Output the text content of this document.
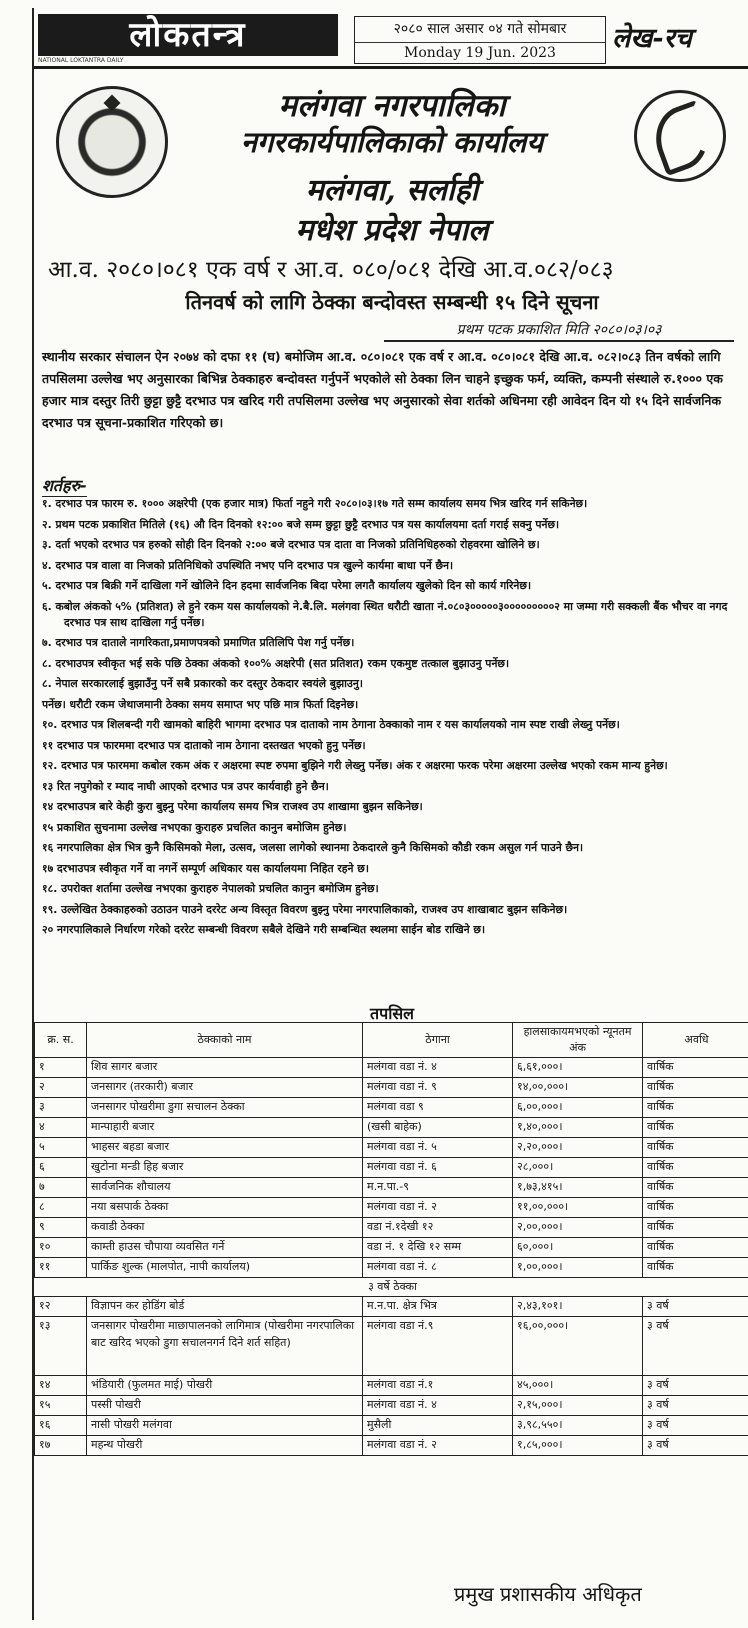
लोकतन्त्र
NATIONAL LOKTANTRA DAILY
२०८० साल असार ०४ गते सोमबार
Monday 19 Jun. 2023	लेख-रच
मलंगवा नगरपालिका
नगरकार्यपालिकाको कार्यालय
मलंगवा, सर्लाही
मधेश प्रदेश नेपाल
आ.व. २०८०।०८१ एक वर्ष र आ.व. ०८०/०८१ देखि आ.व.०८२/०८३
तिनवर्ष को लागि ठेक्का बन्दोवस्त सम्बन्धी १५ दिने सूचना
प्रथम पटक प्रकाशित मिति २०८०।०३।०३
स्थानीय सरकार संचालन ऐन २०७४ को दफा ११ (घ) बमोजिम आ.व. ०८०।०८१ एक वर्ष र आ.व. ०८०।०८१ देखि आ.व. ०८२।०८३ तिन वर्षको लागि तपसिलमा उल्लेख भए अनुसारका बिभिन्न ठेक्काहरु बन्दोवस्त गर्नुपर्ने भएकोले सो ठेक्का लिन चाहने इच्छुक फर्म, व्यक्ति, कम्पनी संस्थाले रु.१००० एक हजार मात्र दस्तुर तिरी छुट्टा छुट्टै दरभाउ पत्र खरिद गरी तपसिलमा उल्लेख भए अनुसारको सेवा शर्तको अधिनमा रही आवेदन दिन यो १५ दिने सार्वजनिक दरभाउ पत्र सूचना-प्रकाशित गरिएको छ।
शर्तहरु-
१. दरभाउ पत्र फारम रु. १००० अक्षरेपी (एक हजार मात्र) फिर्ता नहुने गरी २०८०।०३।१७ गते सम्म कार्यालय समय भित्र खरिद गर्न सकिनेछ।
२. प्रथम पटक प्रकाशित मितिले (१६) औ दिन दिनको १२:०० बजे सम्म छुट्टा छुट्टै दरभाउ पत्र यस कार्यालयमा दर्ता गराई सक्नु पर्नेछ।
३. दर्ता भएको दरभाउ पत्र हरुको सोही दिन दिनको २:०० बजे दरभाउ पत्र दाता वा निजको प्रतिनिधिहरुको रोहवरमा खोलिने छ।
४. दरभाउ पत्र वाला वा निजको प्रतिनिधिको उपस्थिति नभए पनि दरभाउ पत्र खुल्ने कार्यमा बाधा पर्ने छैन।
५. दरभाउ पत्र बिक्री गर्ने दाखिला गर्ने खोलिने दिन हदमा सार्वजनिक बिदा परेमा लगतै कार्यालय खुलेको दिन सो कार्य गरिनेछ।
६. कबोल अंकको ५% (प्रतिशत) ले हुने रकम यस कार्यालयको ने.बै.लि. मलंगवा स्थित धरौटी खाता नं.०८०३०००००३०००००००००२ मा जम्मा गरी सक्कली बैंक भौचर वा नगद दरभाउ पत्र साथ दाखिला गर्नु पर्नेछ।
७. दरभाउ पत्र दाताले नागरिकता,प्रमाणपत्रको प्रमाणित प्रतिलिपि पेश गर्नु पर्नेछ।
८. दरभाउपत्र स्वीकृत भई सके पछि ठेक्का अंकको १००% अक्षरेपी (सत प्रतिशत) रकम एकमुष्ट तत्काल बुझाउनु पर्नेछ।
८. नेपाल सरकारलाई बुझाउँनु पर्ने सबै प्रकारको कर दस्तुर ठेकदार स्वयंले बुझाउनु।
पर्नेछ। धरौटी रकम जेथाजमानी ठेक्का समय समाप्त भए पछि मात्र फिर्ता दिइनेछ।
१०. दरभाउ पत्र शिलबन्दी गरी खामको बाहिरी भागमा दरभाउ पत्र दाताको नाम ठेगाना ठेक्काको नाम र यस कार्यालयको नाम स्पष्ट राखी लेख्नु पर्नेछ।
११ दरभाउ पत्र फारममा दरभाउ पत्र दाताको नाम ठेगाना दस्तखत भएको हुनु पर्नेछ।
१२. दरभाउ पत्र फारममा कबोल रकम अंक र अक्षरमा स्पष्ट रुपमा बुझिने गरी लेख्नु पर्नेछ। अंक र अक्षरमा फरक परेमा अक्षरमा उल्लेख भएको रकम मान्य हुनेछ।
१३ रित नपुगेको र म्याद नाघी आएको दरभाउ पत्र उपर कार्यवाही हुने छैन।
१४ दरभाउपत्र बारे केही कुरा बुझ्नु परेमा कार्यालय समय भित्र राजश्व उप शाखामा बुझन सकिनेछ।
१५ प्रकाशित सुचनामा उल्लेख नभएका कुराहरु प्रचलित कानुन बमोजिम हुनेछ।
१६ नगरपालिका क्षेत्र भित्र कुनै किसिमको मेला, उत्सव, जलसा लागेको स्थानमा ठेकदारले कुनै किसिमको कौडी रकम असुल गर्न पाउने छैन।
१७ दरभाउपत्र स्वीकृत गर्ने वा नगर्ने सम्पूर्ण अधिकार यस कार्यालयमा निहित रहने छ।
१८. उपरोक्त शर्तामा उल्लेख नभएका कुराहरु नेपालको प्रचलित कानुन बमोजिम हुनेछ।
१९. उल्लेखित ठेक्काहरुको उठाउन पाउने दररेट अन्य विस्तृत विवरण बुझ्नु परेमा नगरपालिकाको, राजश्व उप शाखाबाट बुझन सकिनेछ।
२० नगरपालिकाले निर्धारण गरेको दररेट सम्बन्धी विवरण सबैले देखिने गरी सम्बन्धित स्थलमा साईन बोड राखिने छ।
तपसिल
क्र. स.	ठेक्काको नाम	ठेगाना	हालसाकायमभएको न्यूनतम अंक	अवधि
१	शिव सागर बजार	मलंगवा वडा नं. ४	६,६१,०००।	वार्षिक
२	जनसागर (तरकारी) बजार	मलंगवा वडा नं. ९	१४,००,०००।	वार्षिक
३	जनसागर पोखरीमा डुगा सचालन ठेक्का	मलंगवा वडा ९	६,००,०००।	वार्षिक
४	मान्पाहारी बजार	(खसी बाहेक)	१,४०,०००।	वार्षिक
५	भाहसर बहडा बजार	मलंगवा वडा नं. ५	२,२०,०००।	वार्षिक
६	खुटोना मन्डी हिह बजार	मलंगवा वडा नं. ६	२८,०००।	वार्षिक
७	सार्वजनिक शौचालय	म.न.पा.-९	१,७३,४१५।	वार्षिक
८	नया बसपार्क ठेक्का	मलंगवा वडा नं. २	११,००,०००।	वार्षिक
९	कवाडी ठेक्का	वडा नं.१देखी १२	२,००,०००।	वार्षिक
१०	काम्ती हाउस चौपाया व्यवसित गर्ने	वडा नं. १ देखि १२ सम्म	६०,०००।	वार्षिक
११	पार्किङ शुल्क (मालपोत, नापी कार्यालय)	मलंगवा वडा नं. ८	१,००,०००।	वार्षिक
३ वर्षे ठेक्का				
१२	विज्ञापन कर होडिंग बोर्ड	म.न.पा. क्षेत्र भित्र	२,४३,१०१।	३ वर्ष
१३	जनसागर पोखरीमा माछापालनको लागिमात्र (पोखरीमा नगरपालिका बाट खरिद भएको डुगा सचालनगर्न दिने शर्त सहित)	मलंगवा वडा नं.९	१६,००,०००।	३ वर्ष
१४	भंडियारी (फुलमत माई) पोखरी	मलंगवा वडा नं.१	४५,०००।	३ वर्ष
१५	पस्सी पोखरी	मलंगवा वडा नं. ४	२,१५,०००।	३ वर्ष
१६	नासी पोखरी मलंगवा	मुसैली	३,९८,५५०।	३ वर्ष
१७	महन्थ पोखरी	मलंगवा वडा नं. २	१,८५,०००।	३ वर्ष
प्रमुख प्रशासकीय अधिकृत
